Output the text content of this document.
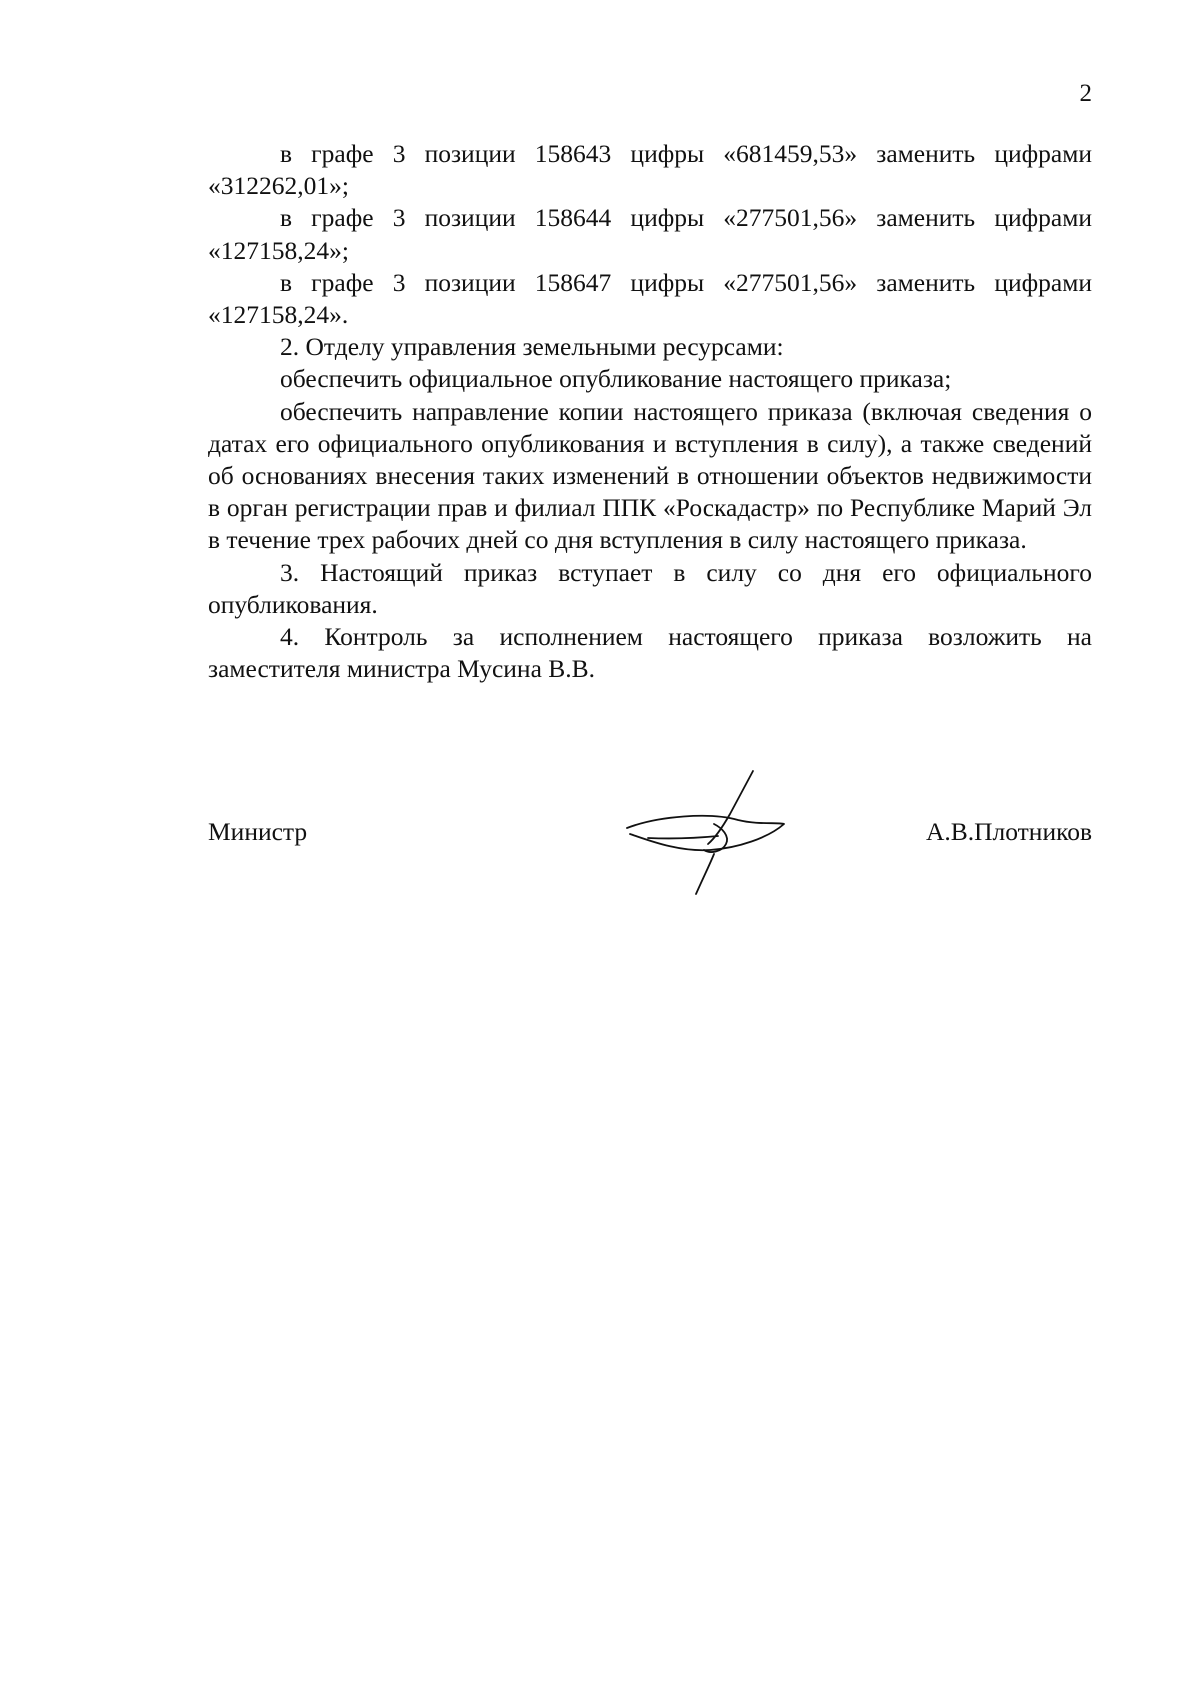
2

в графе 3 позиции 158643 цифры «681459,53» заменить цифрами «312262,01»;

в графе 3 позиции 158644 цифры «277501,56» заменить цифрами «127158,24»;

в графе 3 позиции 158647 цифры «277501,56» заменить цифрами «127158,24».

2. Отделу управления земельными ресурсами:

обеспечить официальное опубликование настоящего приказа;

обеспечить направление копии настоящего приказа (включая сведения о датах его официального опубликования и вступления в силу), а также сведений об основаниях внесения таких изменений в отношении объектов недвижимости в орган регистрации прав и филиал ППК «Роскадастр» по Республике Марий Эл в течение трех рабочих дней со дня вступления в силу настоящего приказа.

3. Настоящий приказ вступает в силу со дня его официального опубликования.

4. Контроль за исполнением настоящего приказа возложить на заместителя министра Мусина В.В.

Министр	А.В.Плотников
